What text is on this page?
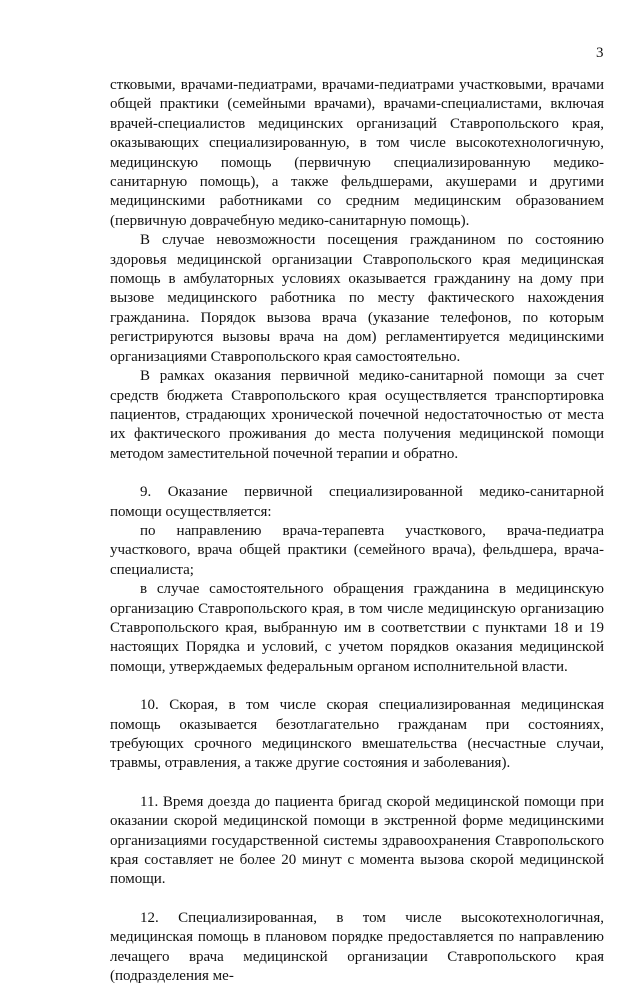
3

стковыми, врачами-педиатрами, врачами-педиатрами участковыми, врачами общей практики (семейными врачами), врачами-специалистами, включая врачей-специалистов медицинских организаций Ставропольского края, оказывающих специализированную, в том числе высокотехнологичную, медицинскую помощь (первичную специализированную медико-санитарную помощь), а также фельдшерами, акушерами и другими медицинскими работниками со средним медицинским образованием (первичную доврачебную медико-санитарную помощь).

В случае невозможности посещения гражданином по состоянию здоровья медицинской организации Ставропольского края медицинская помощь в амбулаторных условиях оказывается гражданину на дому при вызове медицинского работника по месту фактического нахождения гражданина. Порядок вызова врача (указание телефонов, по которым регистрируются вызовы врача на дом) регламентируется медицинскими организациями Ставропольского края самостоятельно.

В рамках оказания первичной медико-санитарной помощи за счет средств бюджета Ставропольского края осуществляется транспортировка пациентов, страдающих хронической почечной недостаточностью от места их фактического проживания до места получения медицинской помощи методом заместительной почечной терапии и обратно.

9. Оказание первичной специализированной медико-санитарной помощи осуществляется:

по направлению врача-терапевта участкового, врача-педиатра участкового, врача общей практики (семейного врача), фельдшера, врача-специалиста;

в случае самостоятельного обращения гражданина в медицинскую организацию Ставропольского края, в том числе медицинскую организацию Ставропольского края, выбранную им в соответствии с пунктами 18 и 19 настоящих Порядка и условий, с учетом порядков оказания медицинской помощи, утверждаемых федеральным органом исполнительной власти.

10. Скорая, в том числе скорая специализированная медицинская помощь оказывается безотлагательно гражданам при состояниях, требующих срочного медицинского вмешательства (несчастные случаи, травмы, отравления, а также другие состояния и заболевания).

11. Время доезда до пациента бригад скорой медицинской помощи при оказании скорой медицинской помощи в экстренной форме медицинскими организациями государственной системы здравоохранения Ставропольского края составляет не более 20 минут с момента вызова скорой медицинской помощи.

12. Специализированная, в том числе высокотехнологичная, медицинская помощь в плановом порядке предоставляется по направлению лечащего врача медицинской организации Ставропольского края (подразделения ме-
